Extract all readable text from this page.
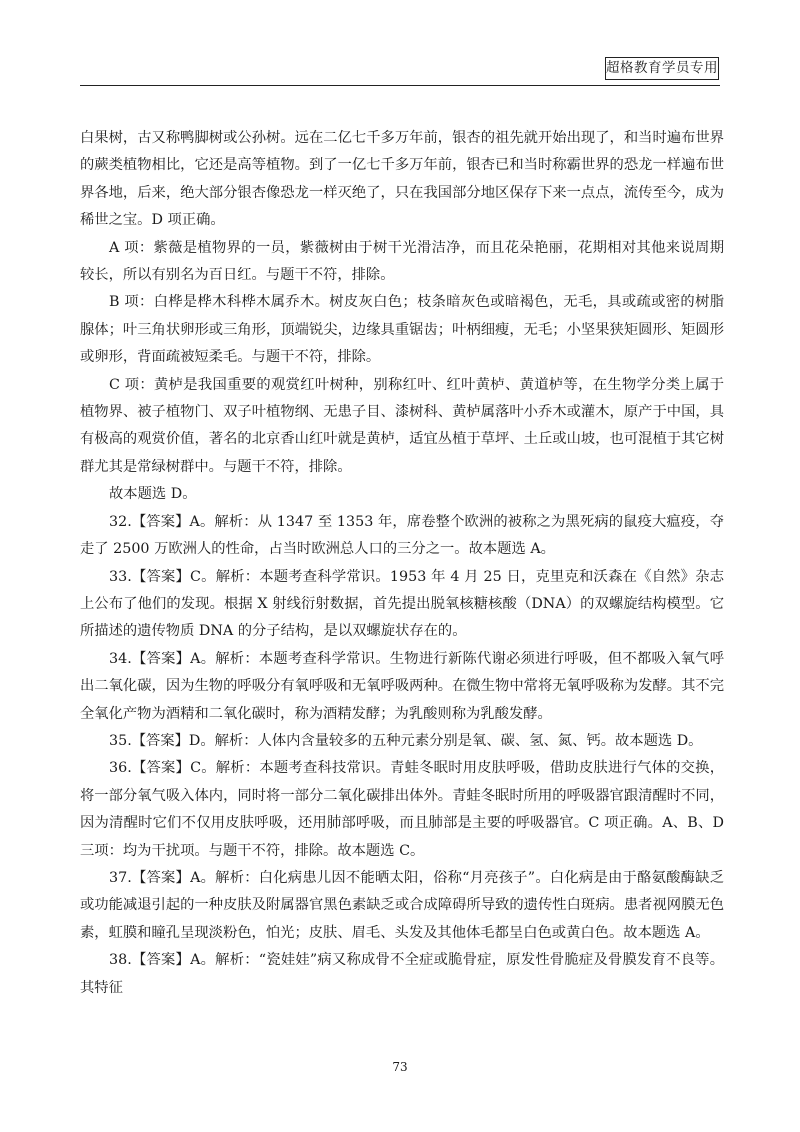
超格教育学员专用

白果树，古又称鸭脚树或公孙树。远在二亿七千多万年前，银杏的祖先就开始出现了，和当时遍布世界的蕨类植物相比，它还是高等植物。到了一亿七千多万年前，银杏已和当时称霸世界的恐龙一样遍布世界各地，后来，绝大部分银杏像恐龙一样灭绝了，只在我国部分地区保存下来一点点，流传至今，成为稀世之宝。D 项正确。

A 项：紫薇是植物界的一员，紫薇树由于树干光滑洁净，而且花朵艳丽，花期相对其他来说周期较长，所以有别名为百日红。与题干不符，排除。

B 项：白桦是桦木科桦木属乔木。树皮灰白色；枝条暗灰色或暗褐色，无毛，具或疏或密的树脂腺体；叶三角状卵形或三角形，顶端锐尖，边缘具重锯齿；叶柄细瘦，无毛；小坚果狭矩圆形、矩圆形或卵形，背面疏被短柔毛。与题干不符，排除。

C 项：黄栌是我国重要的观赏红叶树种，别称红叶、红叶黄栌、黄道栌等，在生物学分类上属于植物界、被子植物门、双子叶植物纲、无患子目、漆树科、黄栌属落叶小乔木或灌木，原产于中国，具有极高的观赏价值，著名的北京香山红叶就是黄栌，适宜丛植于草坪、土丘或山坡，也可混植于其它树群尤其是常绿树群中。与题干不符，排除。

故本题选 D。

32.【答案】A。解析：从 1347 至 1353 年，席卷整个欧洲的被称之为黑死病的鼠疫大瘟疫，夺走了 2500 万欧洲人的性命，占当时欧洲总人口的三分之一。故本题选 A。

33.【答案】C。解析：本题考查科学常识。1953 年 4 月 25 日，克里克和沃森在《自然》杂志上公布了他们的发现。根据 X 射线衍射数据，首先提出脱氧核糖核酸（DNA）的双螺旋结构模型。它所描述的遗传物质 DNA 的分子结构，是以双螺旋状存在的。

34.【答案】A。解析：本题考查科学常识。生物进行新陈代谢必须进行呼吸，但不都吸入氧气呼出二氧化碳，因为生物的呼吸分有氧呼吸和无氧呼吸两种。在微生物中常将无氧呼吸称为发酵。其不完全氧化产物为酒精和二氧化碳时，称为酒精发酵；为乳酸则称为乳酸发酵。

35.【答案】D。解析：人体内含量较多的五种元素分别是氧、碳、氢、氮、钙。故本题选 D。

36.【答案】C。解析：本题考查科技常识。青蛙冬眠时用皮肤呼吸，借助皮肤进行气体的交换，将一部分氧气吸入体内，同时将一部分二氧化碳排出体外。青蛙冬眠时所用的呼吸器官跟清醒时不同，因为清醒时它们不仅用皮肤呼吸，还用肺部呼吸，而且肺部是主要的呼吸器官。C 项正确。A、B、D 三项：均为干扰项。与题干不符，排除。故本题选 C。

37.【答案】A。解析：白化病患儿因不能晒太阳，俗称“月亮孩子”。白化病是由于酪氨酸酶缺乏或功能减退引起的一种皮肤及附属器官黑色素缺乏或合成障碍所导致的遗传性白斑病。患者视网膜无色素，虹膜和瞳孔呈现淡粉色，怕光；皮肤、眉毛、头发及其他体毛都呈白色或黄白色。故本题选 A。

38.【答案】A。解析：“瓷娃娃”病又称成骨不全症或脆骨症，原发性骨脆症及骨膜发育不良等。其特征

73
